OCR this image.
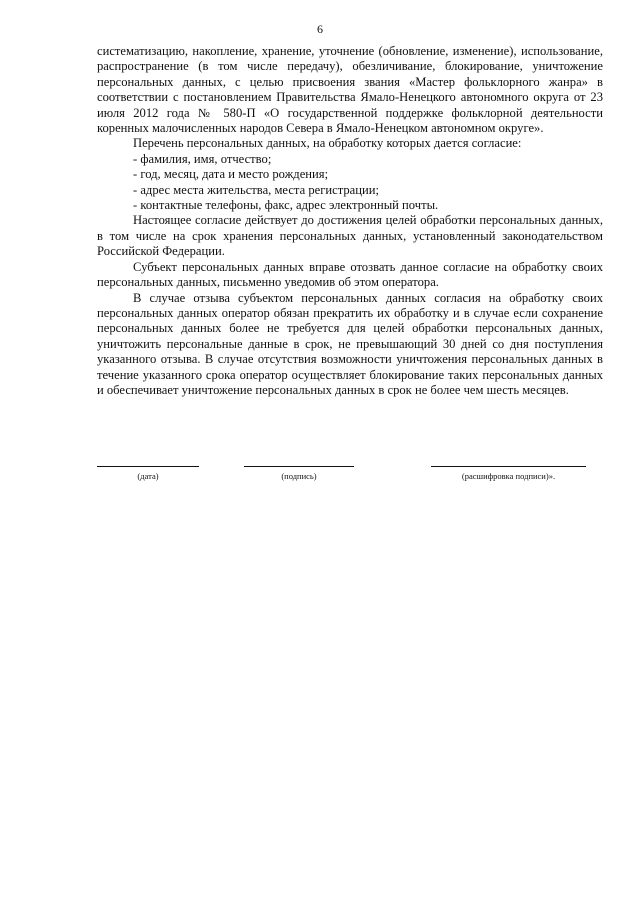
6

систематизацию, накопление, хранение, уточнение (обновление, изменение), использование, распространение (в том числе передачу), обезличивание, блокирование, уничтожение персональных данных, с целью присвоения звания «Мастер фольклорного жанра» в соответствии с постановлением Правительства Ямало-Ненецкого автономного округа от 23 июля 2012 года № 580-П «О государственной поддержке фольклорной деятельности коренных малочисленных народов Севера в Ямало-Ненецком автономном округе».

Перечень персональных данных, на обработку которых дается согласие:

- фамилия, имя, отчество;

- год, месяц, дата и место рождения;

- адрес места жительства, места регистрации;

- контактные телефоны, факс, адрес электронный почты.

Настоящее согласие действует до достижения целей обработки персональных данных, в том числе на срок хранения персональных данных, установленный законодательством Российской Федерации.

Субъект персональных данных вправе отозвать данное согласие на обработку своих персональных данных, письменно уведомив об этом оператора.

В случае отзыва субъектом персональных данных согласия на обработку своих персональных данных оператор обязан прекратить их обработку и в случае если сохранение персональных данных более не требуется для целей обработки персональных данных, уничтожить персональные данные в срок, не превышающий 30 дней со дня поступления указанного отзыва. В случае отсутствия возможности уничтожения персональных данных в течение указанного срока оператор осуществляет блокирование таких персональных данных и обеспечивает уничтожение персональных данных в срок не более чем шесть месяцев.

(дата)	(подпись)	(расшифровка подписи)».
